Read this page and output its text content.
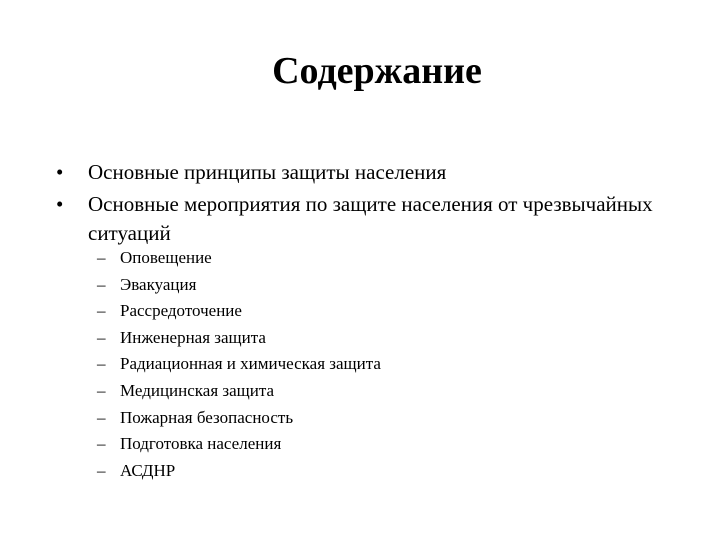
Содержание
•	Основные принципы защиты населения
•	Основные мероприятия по защите населения от чрезвычайных ситуаций
– Оповещение
– Эвакуация
– Рассредоточение
– Инженерная защита
– Радиационная и химическая защита
– Медицинская защита
– Пожарная безопасность
– Подготовка населения
– АСДНР
